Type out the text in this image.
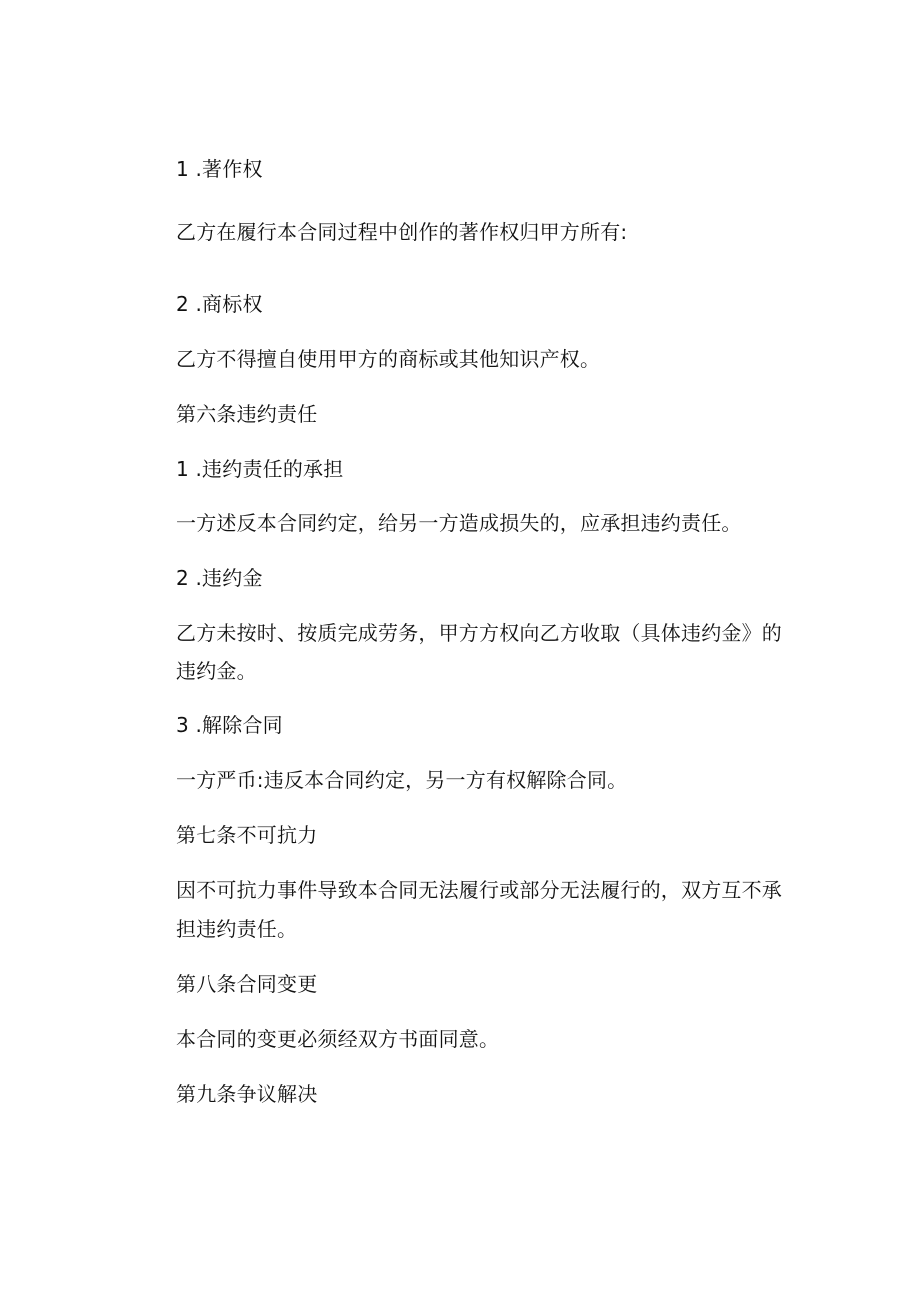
1 .著作权
乙方在履行本合同过程中创作的著作权归甲方所有:
2 .商标权
乙方不得擅自使用甲方的商标或其他知识产权。
第六条违约责任
1 .违约责任的承担
一方述反本合同约定，给另一方造成损失的，应承担违约责任。
2 .违约金
乙方未按时、按质完成劳务，甲方方权向乙方收取（具体违约金》的
违约金。
3 .解除合同
一方严币:违反本合同约定，另一方有权解除合同。
第七条不可抗力
因不可抗力事件导致本合同无法履行或部分无法履行的，双方互不承
担违约责任。
第八条合同变更
本合同的变更必须经双方书面同意。
第九条争议解决
